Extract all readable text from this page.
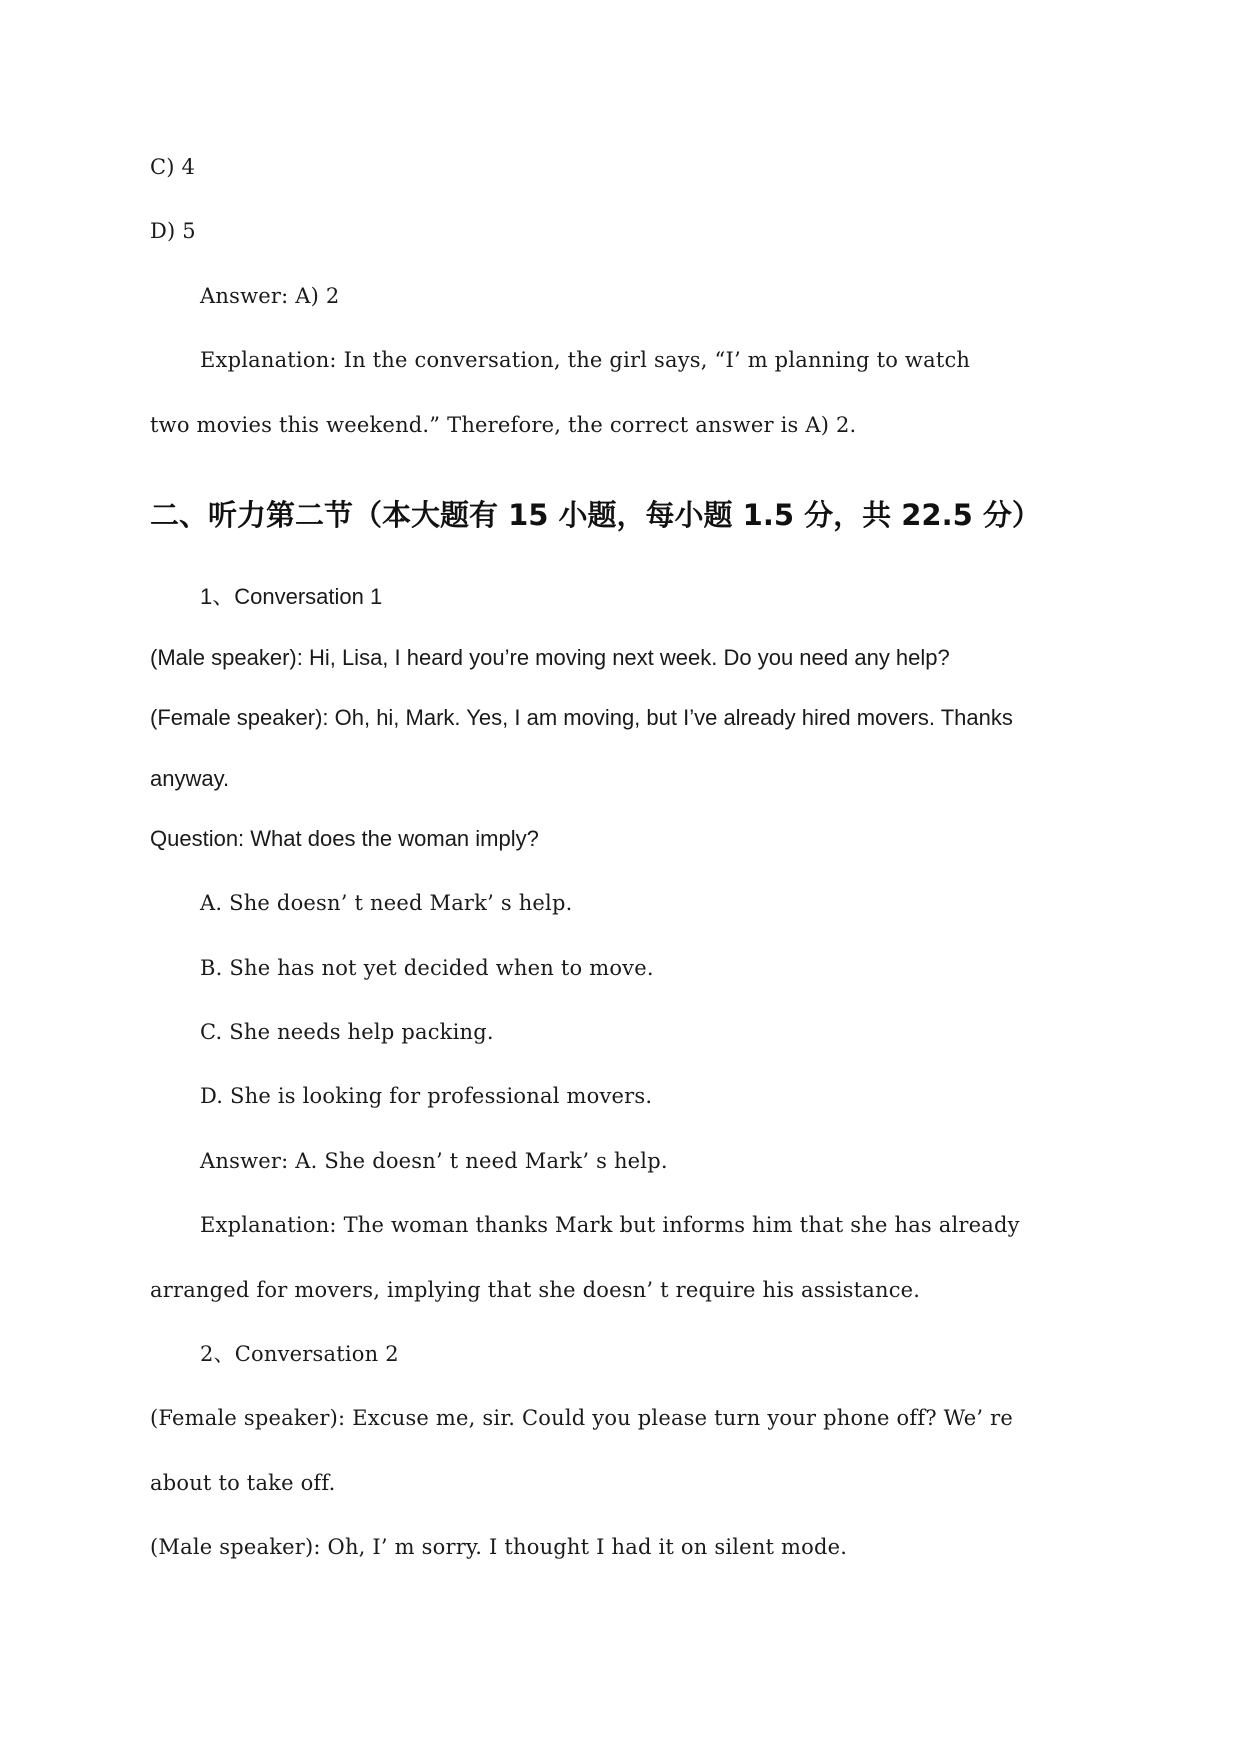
C) 4
D) 5
Answer: A) 2
Explanation: In the conversation, the girl says, “I’ m planning to watch
two movies this weekend.” Therefore, the correct answer is A) 2.
二、听力第二节（本大题有 15 小题，每小题 1.5 分，共 22.5 分）
1、Conversation 1
(Male speaker): Hi, Lisa, I heard you’re moving next week. Do you need any help?
(Female speaker): Oh, hi, Mark. Yes, I am moving, but I’ve already hired movers. Thanks
anyway.
Question: What does the woman imply?
A. She doesn’ t need Mark’ s help.
B. She has not yet decided when to move.
C. She needs help packing.
D. She is looking for professional movers.
Answer: A. She doesn’ t need Mark’ s help.
Explanation: The woman thanks Mark but informs him that she has already
arranged for movers, implying that she doesn’ t require his assistance.
2、Conversation 2
(Female speaker): Excuse me, sir. Could you please turn your phone off? We’ re
about to take off.
(Male speaker): Oh, I’ m sorry. I thought I had it on silent mode.
